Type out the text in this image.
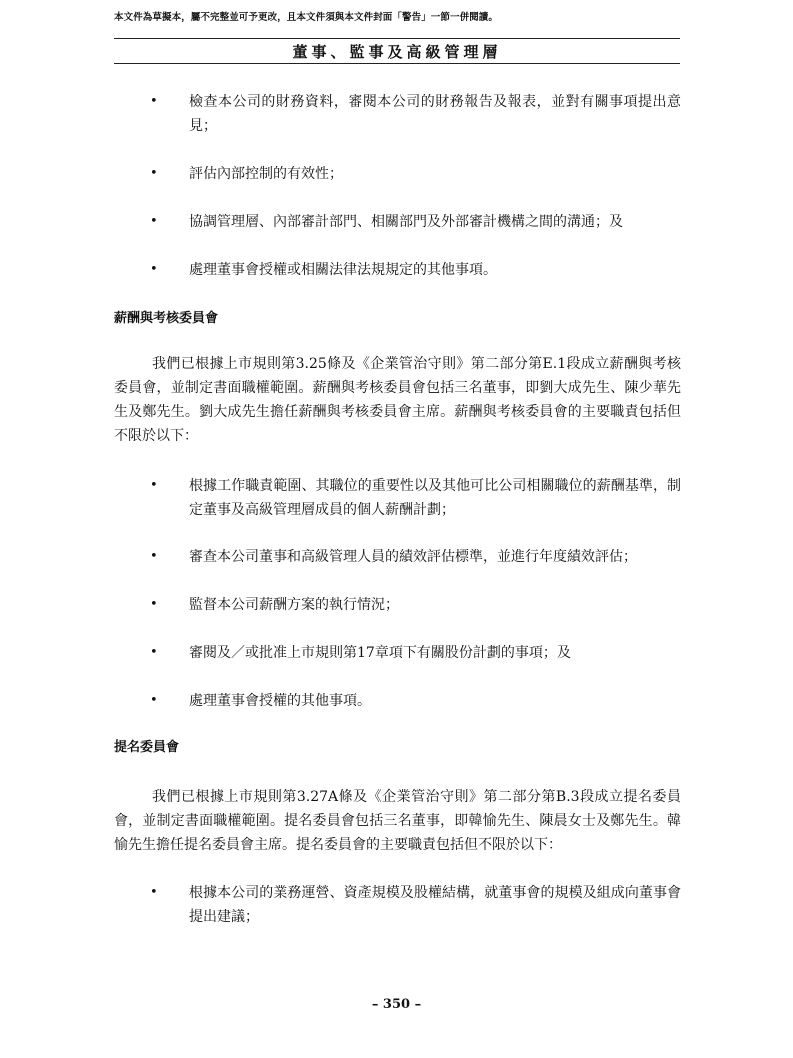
本文件為草擬本，屬不完整並可予更改，且本文件須與本文件封面「警告」一節一併閱讀。
董事、監事及高級管理層
• 檢查本公司的財務資料，審閱本公司的財務報告及報表，並對有關事項提出意見；
• 評估內部控制的有效性；
• 協調管理層、內部審計部門、相關部門及外部審計機構之間的溝通；及
• 處理董事會授權或相關法律法規規定的其他事項。
薪酬與考核委員會
我們已根據上市規則第3.25條及《企業管治守則》第二部分第E.1段成立薪酬與考核委員會，並制定書面職權範圍。薪酬與考核委員會包括三名董事，即劉大成先生、陳少華先生及鄭先生。劉大成先生擔任薪酬與考核委員會主席。薪酬與考核委員會的主要職責包括但不限於以下：
• 根據工作職責範圍、其職位的重要性以及其他可比公司相關職位的薪酬基準，制定董事及高級管理層成員的個人薪酬計劃；
• 審查本公司董事和高級管理人員的績效評估標準，並進行年度績效評估；
• 監督本公司薪酬方案的執行情況；
• 審閱及／或批准上市規則第17章項下有關股份計劃的事項；及
• 處理董事會授權的其他事項。
提名委員會
我們已根據上市規則第3.27A條及《企業管治守則》第二部分第B.3段成立提名委員會，並制定書面職權範圍。提名委員會包括三名董事，即韓愉先生、陳晨女士及鄭先生。韓愉先生擔任提名委員會主席。提名委員會的主要職責包括但不限於以下：
• 根據本公司的業務運營、資產規模及股權結構，就董事會的規模及組成向董事會提出建議；
– 350 –
